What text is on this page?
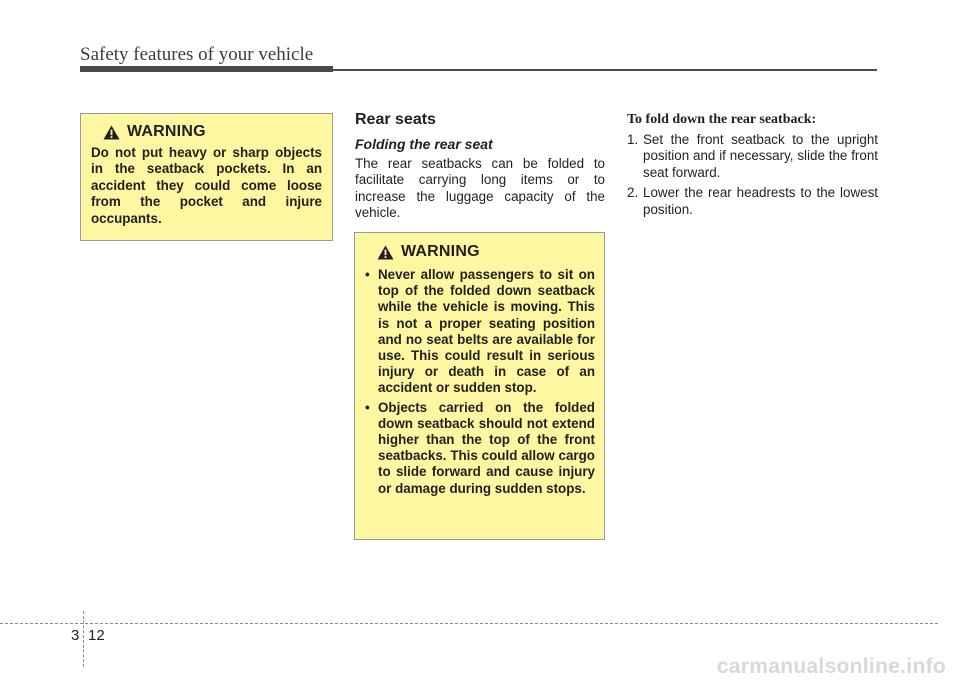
Safety features of your vehicle
WARNING

Do not put heavy or sharp objects in the seatback pockets. In an accident they could come loose from the pocket and injure occupants.

Rear seats
Folding the rear seat

The rear seatbacks can be folded to facilitate carrying long items or to increase the luggage capacity of the vehicle.

WARNING
• Never allow passengers to sit on top of the folded down seatback while the vehicle is moving. This is not a proper seating position and no seat belts are available for use. This could result in serious injury or death in case of an accident or sudden stop.
• Objects carried on the folded down seatback should not extend higher than the top of the front seatbacks. This could allow cargo to slide forward and cause injury or damage during sudden stops.
To fold down the rear seatback:
1. Set the front seatback to the upright position and if necessary, slide the front seat forward.
2. Lower the rear headrests to the lowest position.
3 12
carmanualsonline.info
